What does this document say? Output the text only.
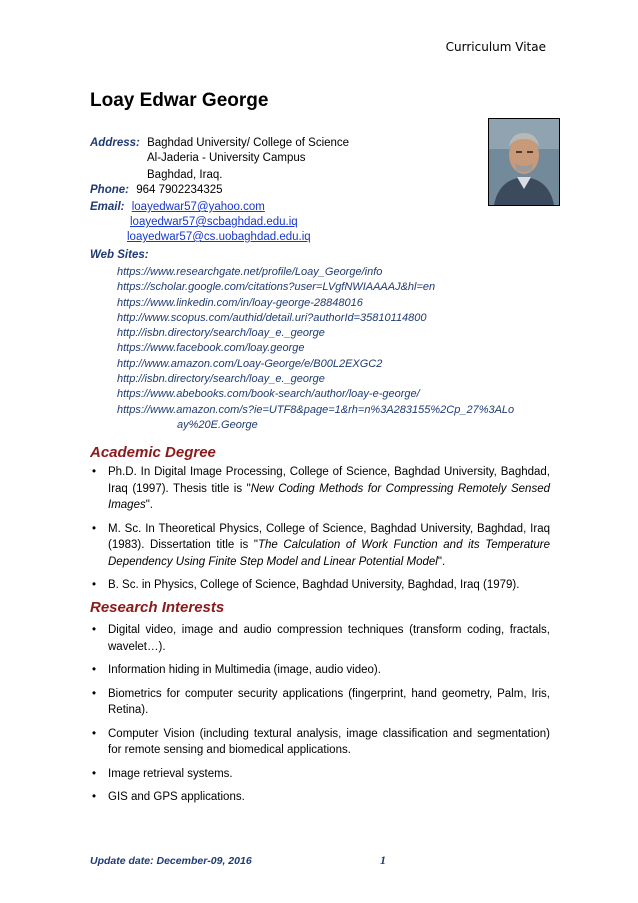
Curriculum Vitae
Loay Edwar George
Address: Baghdad University/ College of Science
Al-Jaderia - University Campus
Baghdad, Iraq.
Phone: 964 7902234325
Email: loayedwar57@yahoo.com
loayedwar57@scbaghdad.edu.iq
loayedwar57@cs.uobaghdad.edu.iq
Web Sites:
https://www.researchgate.net/profile/Loay_George/info
https://scholar.google.com/citations?user=LVgfNWIAAAAJ&hl=en
https://www.linkedin.com/in/loay-george-28848016
http://www.scopus.com/authid/detail.uri?authorId=35810114800
http://isbn.directory/search/loay_e._george
https://www.facebook.com/loay.george
http://www.amazon.com/Loay-George/e/B00L2EXGC2
http://isbn.directory/search/loay_e._george
https://www.abebooks.com/book-search/author/loay-e-george/
https://www.amazon.com/s?ie=UTF8&page=1&rh=n%3A283155%2Cp_27%3ALo
ay%20E.George
Academic Degree
• Ph.D. In Digital Image Processing, College of Science, Baghdad University, Baghdad, Iraq (1997). Thesis title is "New Coding Methods for Compressing Remotely Sensed Images".
• M. Sc. In Theoretical Physics, College of Science, Baghdad University, Baghdad, Iraq (1983). Dissertation title is "The Calculation of Work Function and its Temperature Dependency Using Finite Step Model and Linear Potential Model".
• B. Sc. in Physics, College of Science, Baghdad University, Baghdad, Iraq (1979).
Research Interests
• Digital video, image and audio compression techniques (transform coding, fractals, wavelet…).
• Information hiding in Multimedia (image, audio video).
• Biometrics for computer security applications (fingerprint, hand geometry, Palm, Iris, Retina).
• Computer Vision (including textural analysis, image classification and segmentation) for remote sensing and biomedical applications.
• Image retrieval systems.
• GIS and GPS applications.
Update date: December-09, 2016	1
